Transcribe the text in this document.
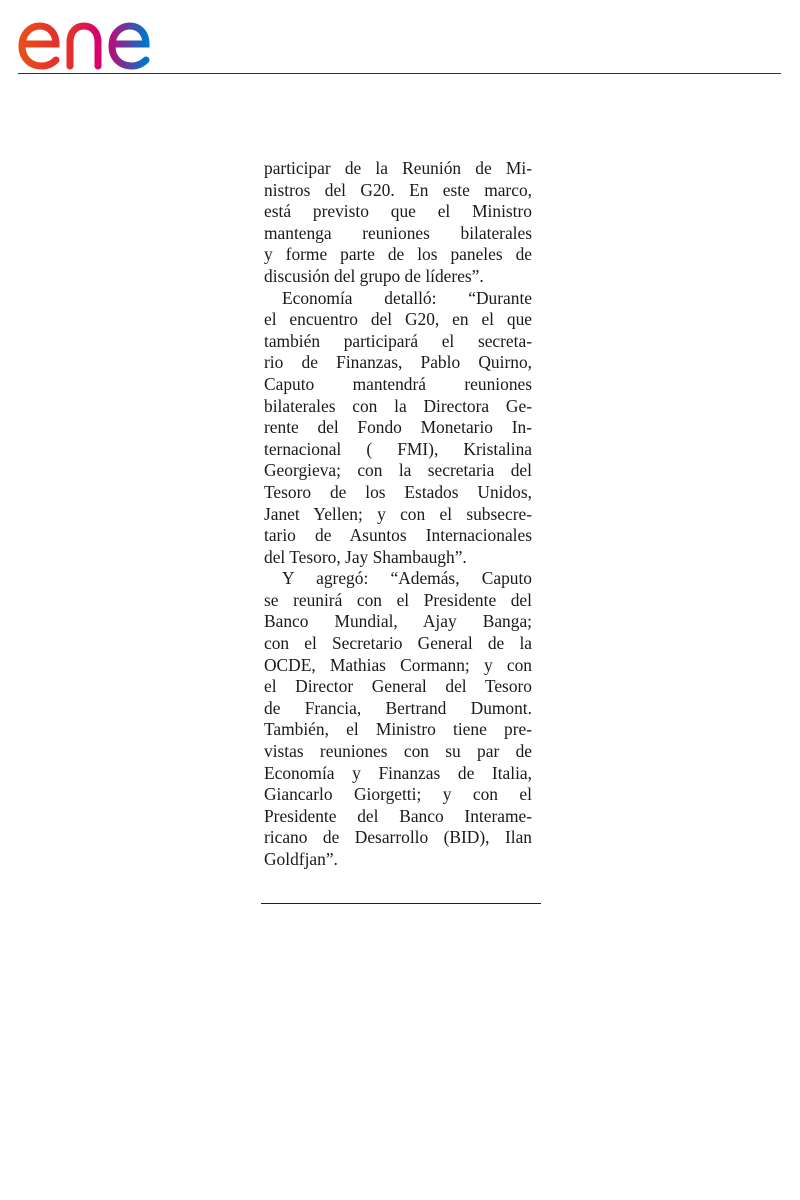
participar de la Reunión de Mi-
nistros del G20. En este marco,
está previsto que el Ministro
mantenga reuniones bilaterales
y forme parte de los paneles de
discusión del grupo de líderes”.
Economía detalló: “Durante
el encuentro del G20, en el que
también participará el secreta-
rio de Finanzas, Pablo Quirno,
Caputo mantendrá reuniones
bilaterales con la Directora Ge-
rente del Fondo Monetario In-
ternacional ( FMI), Kristalina
Georgieva; con la secretaria del
Tesoro de los Estados Unidos,
Janet Yellen; y con el subsecre-
tario de Asuntos Internacionales
del Tesoro, Jay Shambaugh”.
Y agregó: “Además, Caputo
se reunirá con el Presidente del
Banco Mundial, Ajay Banga;
con el Secretario General de la
OCDE, Mathias Cormann; y con
el Director General del Tesoro
de Francia, Bertrand Dumont.
También, el Ministro tiene pre-
vistas reuniones con su par de
Economía y Finanzas de Italia,
Giancarlo Giorgetti; y con el
Presidente del Banco Interame-
ricano de Desarrollo (BID), Ilan
Goldfjan”.
